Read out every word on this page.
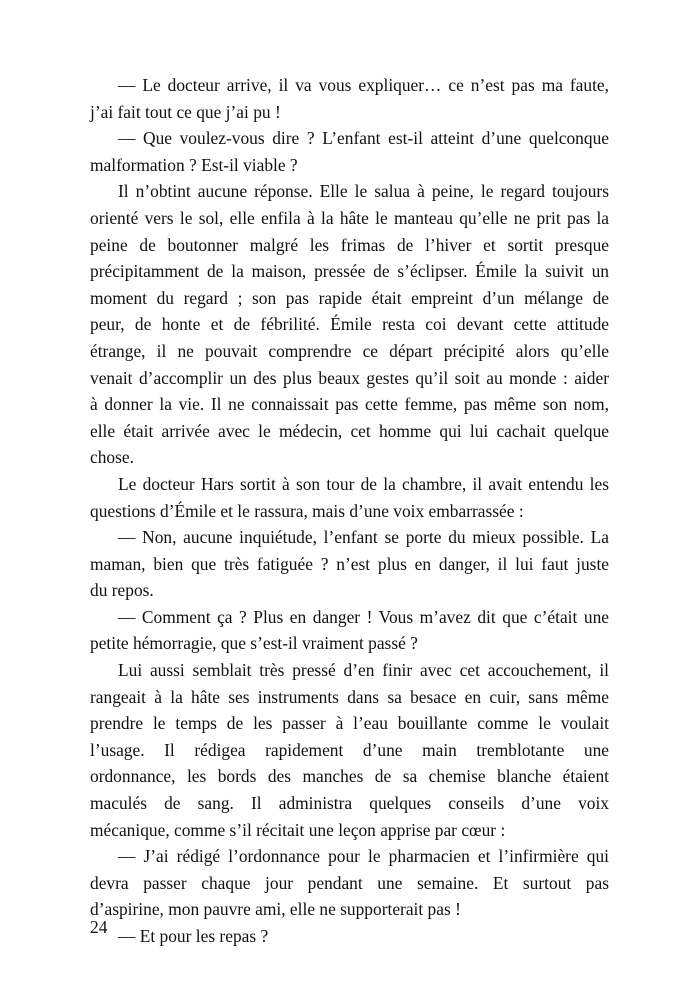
— Le docteur arrive, il va vous expliquer… ce n’est pas ma faute,
j’ai fait tout ce que j’ai pu !
— Que voulez-vous dire ? L’enfant est-il atteint d’une quelconque
malformation ? Est-il viable ?
Il n’obtint aucune réponse. Elle le salua à peine, le regard toujours
orienté vers le sol, elle enfila à la hâte le manteau qu’elle ne prit pas la
peine de boutonner malgré les frimas de l’hiver et sortit presque
précipitamment de la maison, pressée de s’éclipser. Émile la suivit un
moment du regard ; son pas rapide était empreint d’un mélange de
peur, de honte et de fébrilité. Émile resta coi devant cette attitude
étrange, il ne pouvait comprendre ce départ précipité alors qu’elle
venait d’accomplir un des plus beaux gestes qu’il soit au monde : aider
à donner la vie. Il ne connaissait pas cette femme, pas même son nom,
elle était arrivée avec le médecin, cet homme qui lui cachait quelque
chose.
Le docteur Hars sortit à son tour de la chambre, il avait entendu les
questions d’Émile et le rassura, mais d’une voix embarrassée :
— Non, aucune inquiétude, l’enfant se porte du mieux possible. La
maman, bien que très fatiguée ? n’est plus en danger, il lui faut juste
du repos.
— Comment ça ? Plus en danger ! Vous m’avez dit que c’était une
petite hémorragie, que s’est-il vraiment passé ?
Lui aussi semblait très pressé d’en finir avec cet accouchement, il
rangeait à la hâte ses instruments dans sa besace en cuir, sans même
prendre le temps de les passer à l’eau bouillante comme le voulait
l’usage. Il rédigea rapidement d’une main tremblotante une
ordonnance, les bords des manches de sa chemise blanche étaient
maculés de sang. Il administra quelques conseils d’une voix
mécanique, comme s’il récitait une leçon apprise par cœur :
— J’ai rédigé l’ordonnance pour le pharmacien et l’infirmière qui
devra passer chaque jour pendant une semaine. Et surtout pas
d’aspirine, mon pauvre ami, elle ne supporterait pas !
— Et pour les repas ?
24
